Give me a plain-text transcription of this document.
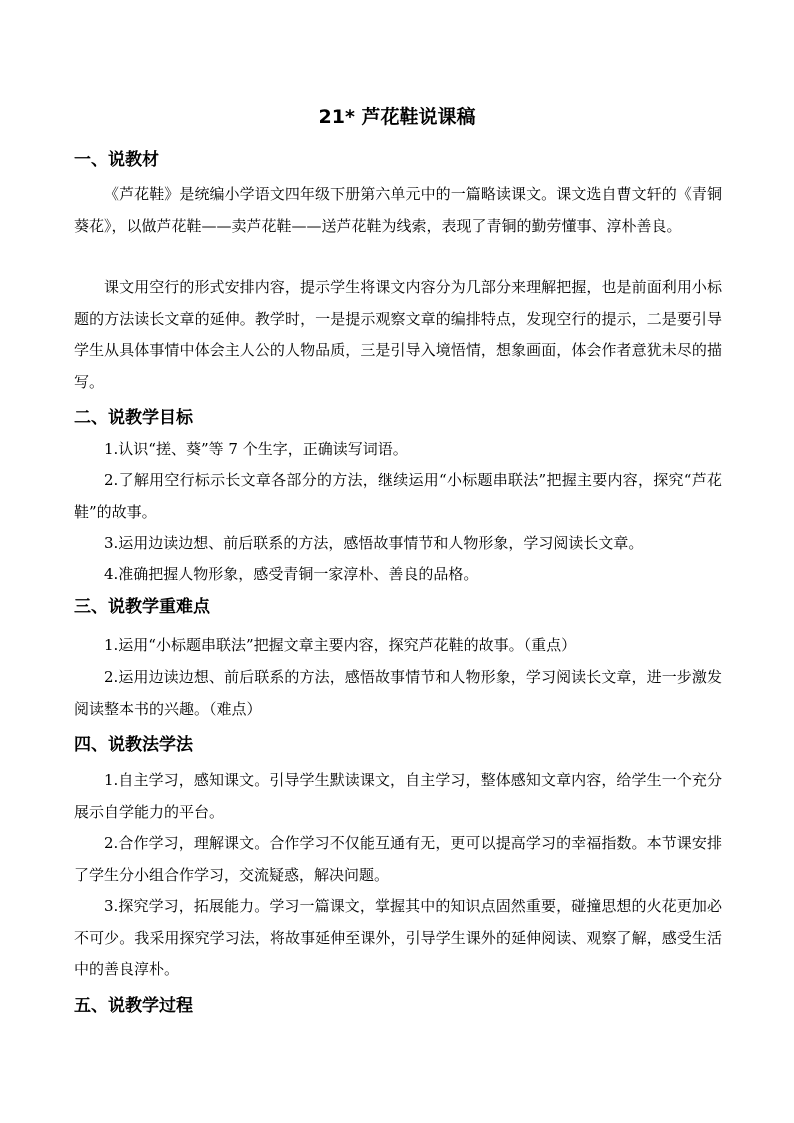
21* 芦花鞋说课稿
一、说教材

《芦花鞋》是统编小学语文四年级下册第六单元中的一篇略读课文。课文选自曹文轩的《青铜葵花》，以做芦花鞋——卖芦花鞋——送芦花鞋为线索，表现了青铜的勤劳懂事、淳朴善良。

课文用空行的形式安排内容，提示学生将课文内容分为几部分来理解把握，也是前面利用小标题的方法读长文章的延伸。教学时，一是提示观察文章的编排特点，发现空行的提示，二是要引导学生从具体事情中体会主人公的人物品质，三是引导入境悟情，想象画面，体会作者意犹未尽的描写。

二、说教学目标

1.认识“搓、葵”等 7 个生字，正确读写词语。

2.了解用空行标示长文章各部分的方法，继续运用“小标题串联法”把握主要内容，探究“芦花鞋”的故事。

3.运用边读边想、前后联系的方法，感悟故事情节和人物形象，学习阅读长文章。

4.准确把握人物形象，感受青铜一家淳朴、善良的品格。

三、说教学重难点

1.运用“小标题串联法”把握文章主要内容，探究芦花鞋的故事。（重点）

2.运用边读边想、前后联系的方法，感悟故事情节和人物形象，学习阅读长文章，进一步激发阅读整本书的兴趣。（难点）

四、说教法学法

1.自主学习，感知课文。引导学生默读课文，自主学习，整体感知文章内容，给学生一个充分展示自学能力的平台。

2.合作学习，理解课文。合作学习不仅能互通有无，更可以提高学习的幸福指数。本节课安排了学生分小组合作学习，交流疑惑，解决问题。

3.探究学习，拓展能力。学习一篇课文，掌握其中的知识点固然重要，碰撞思想的火花更加必不可少。我采用探究学习法，将故事延伸至课外，引导学生课外的延伸阅读、观察了解，感受生活中的善良淳朴。

五、说教学过程
